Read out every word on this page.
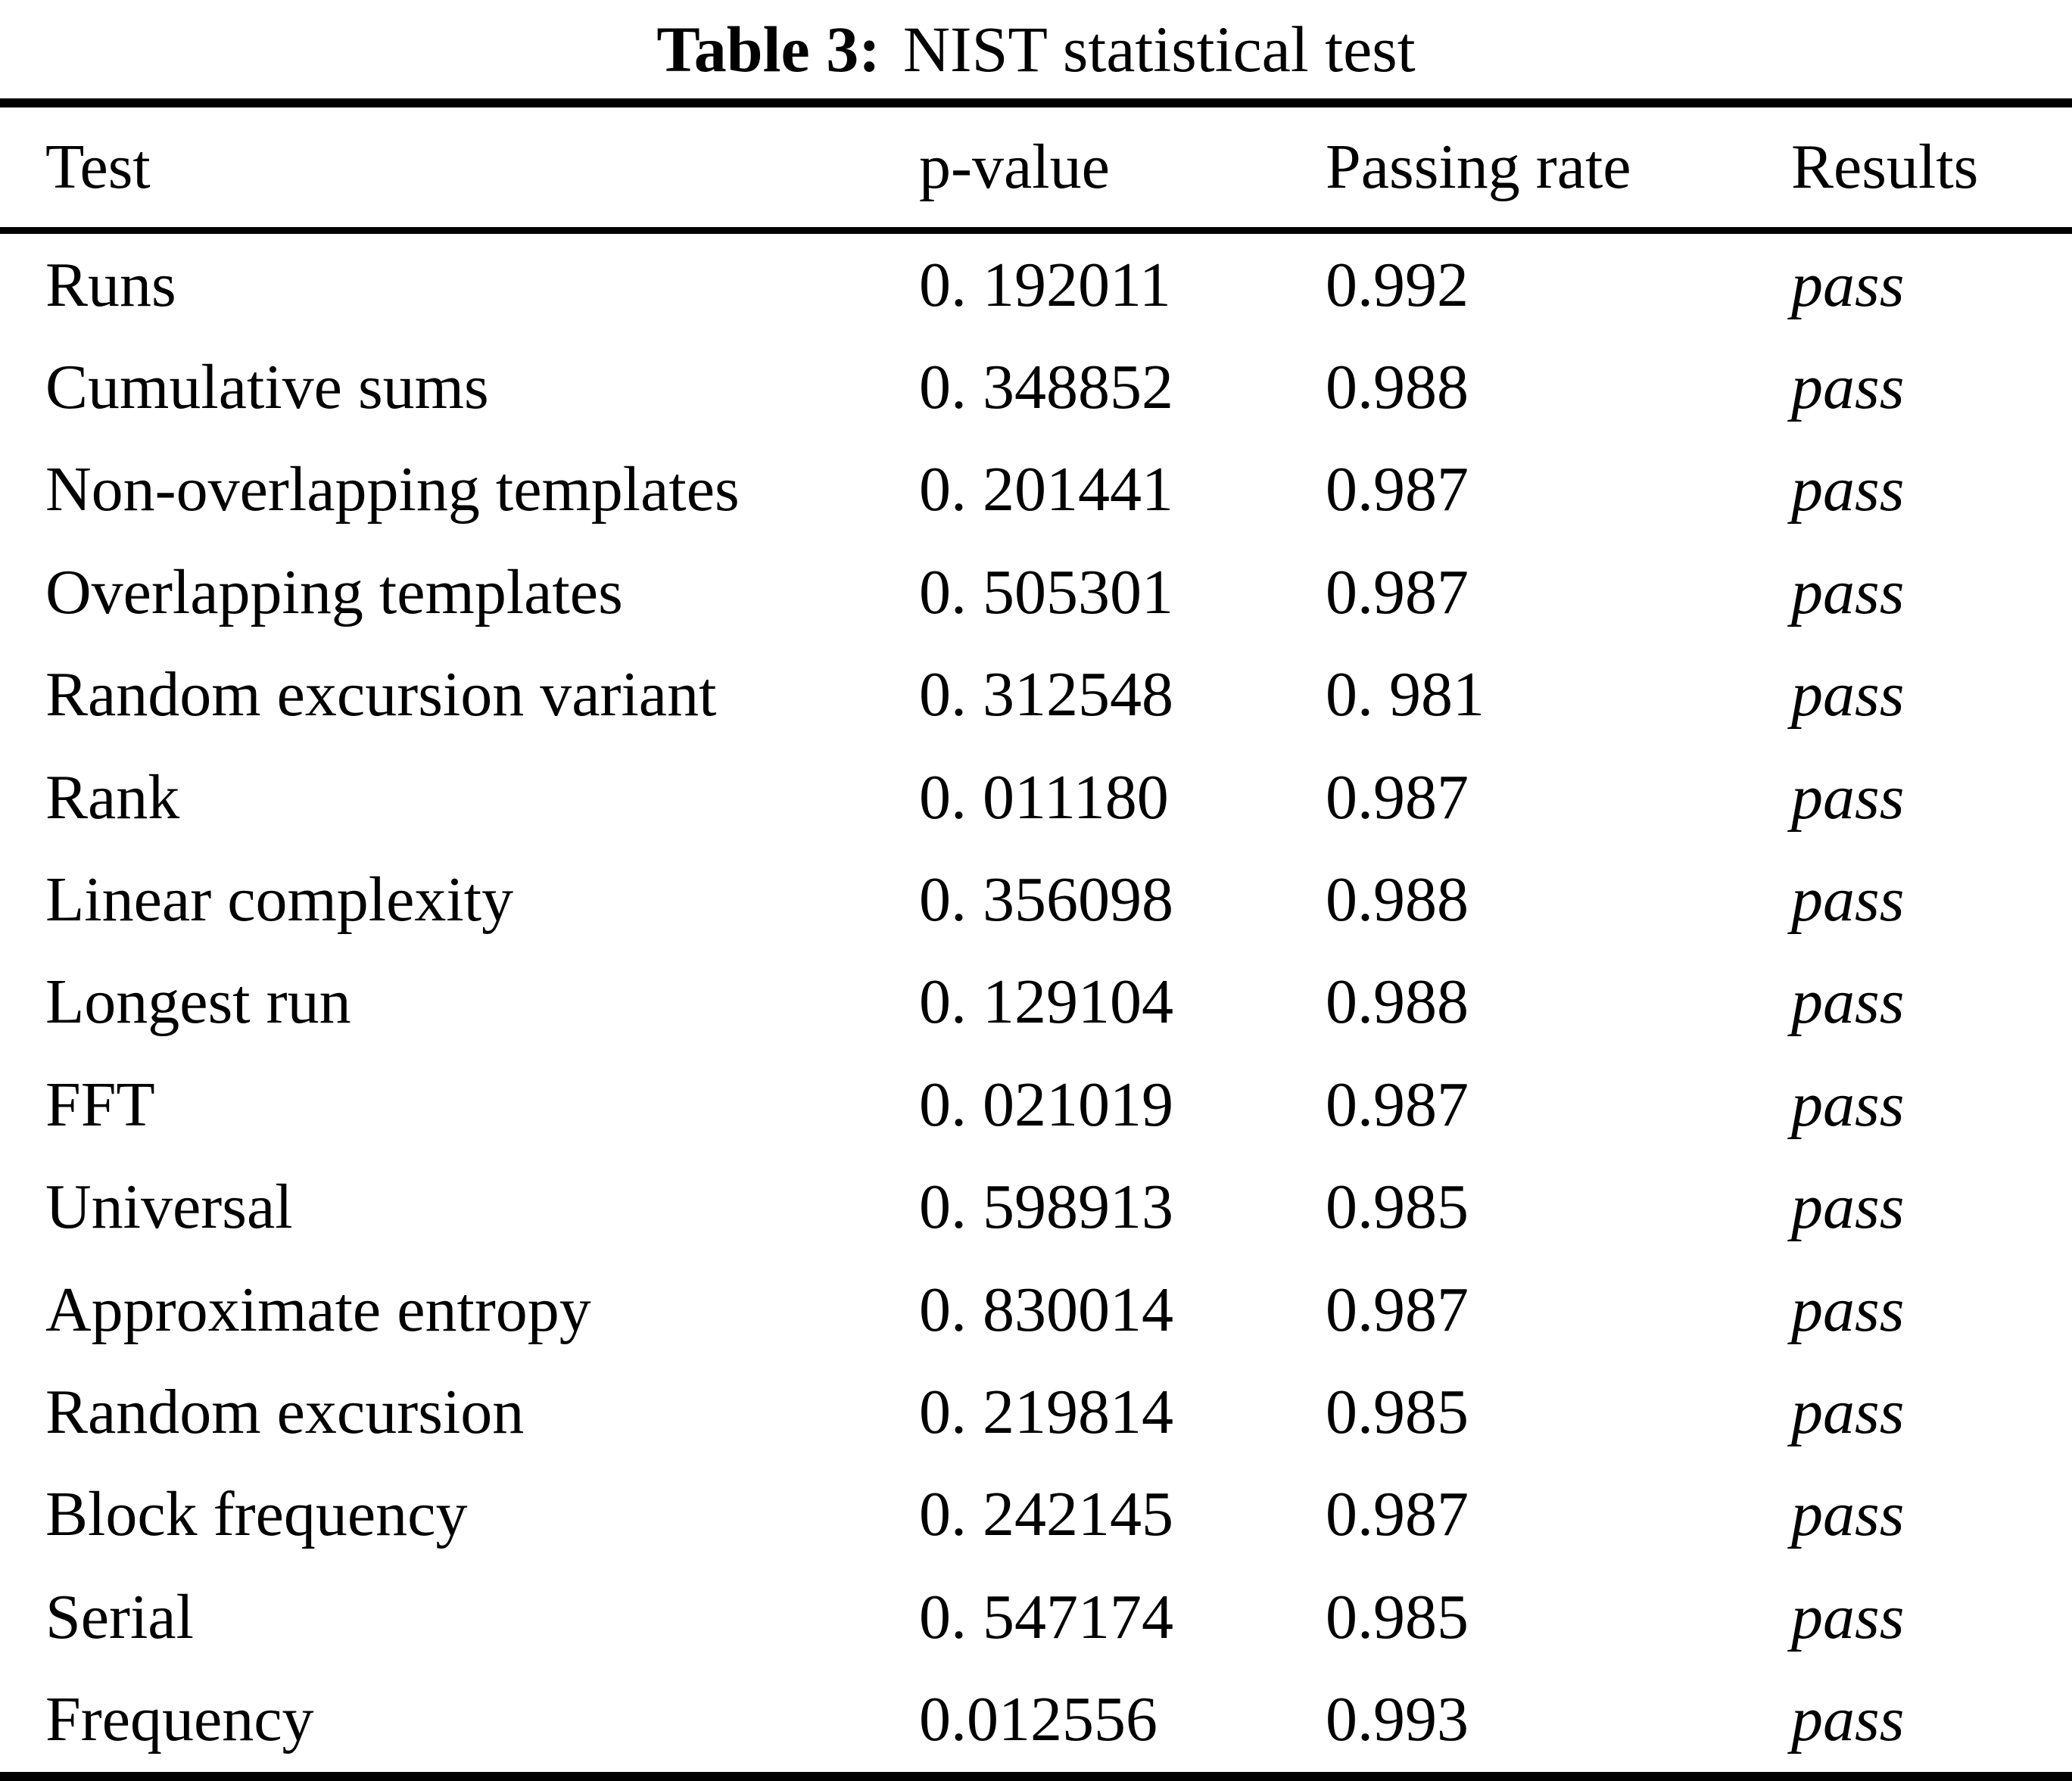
Table 3: NIST statistical test
Test	p-value	Passing rate	Results
Runs	0. 192011	0.992	pass
Cumulative sums	0. 348852	0.988	pass
Non-overlapping templates	0. 201441	0.987	pass
Overlapping templates	0. 505301	0.987	pass
Random excursion variant	0. 312548	0. 981	pass
Rank	0. 011180	0.987	pass
Linear complexity	0. 356098	0.988	pass
Longest run	0. 129104	0.988	pass
FFT	0. 021019	0.987	pass
Universal	0. 598913	0.985	pass
Approximate entropy	0. 830014	0.987	pass
Random excursion	0. 219814	0.985	pass
Block frequency	0. 242145	0.987	pass
Serial	0. 547174	0.985	pass
Frequency	0.012556	0.993	pass
